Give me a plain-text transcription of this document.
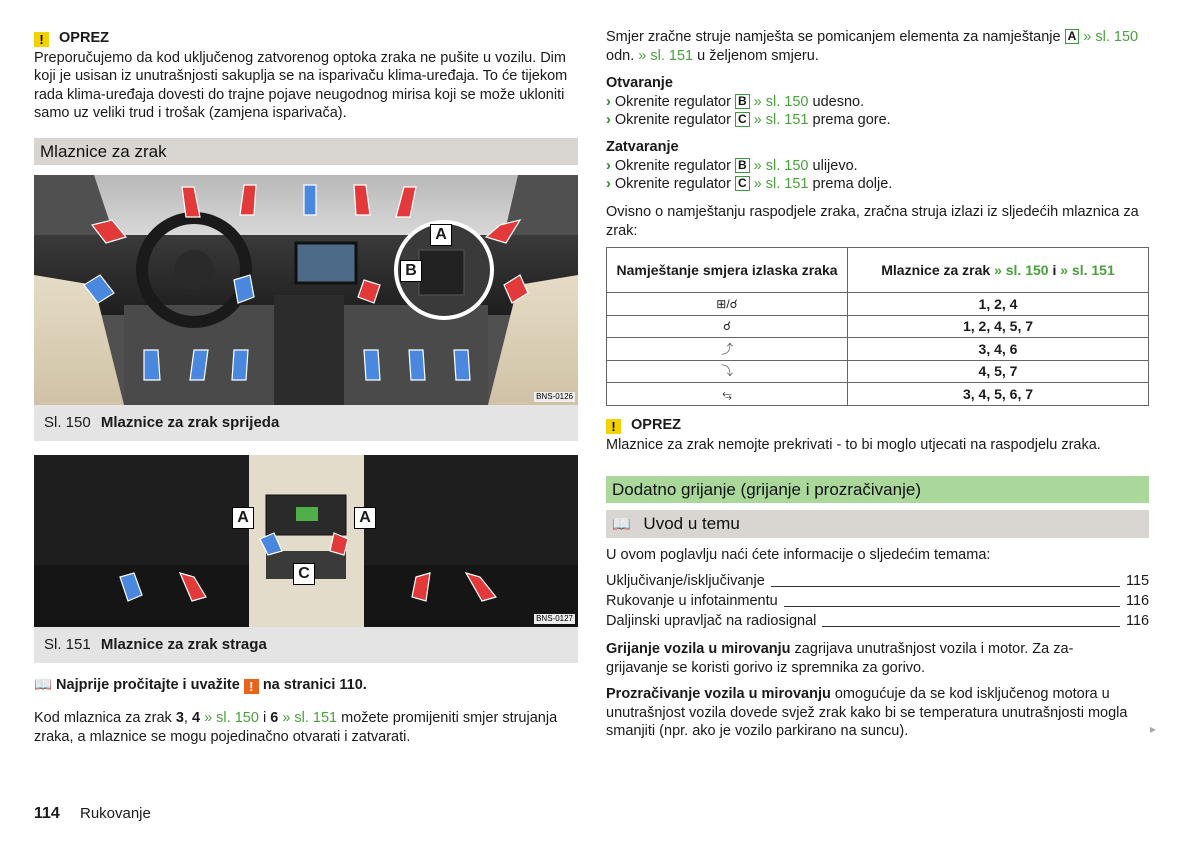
! OPREZ
Preporučujemo da kod uključenog zatvorenog optoka zraka ne pušite u vozilu. Dim koji je usisan iz unutrašnjosti sakuplja se na isparivaču klima-uređaja. To će tijekom rada klima-uređaja dovesti do trajne pojave neugodnog mirisa koji se može ukloniti samo uz veliki trud i trošak (zamjena isparivača).
Mlaznice za zrak
A
B
BNS-0126
Sl. 150 Mlaznice za zrak sprijeda
A	A
C
BNS-0127
Sl. 151 Mlaznice za zrak straga
📖 Najprije pročitajte i uvažite ! na stranici 110.
Kod mlaznica za zrak 3, 4 » sl. 150 i 6 » sl. 151 možete promijeniti smjer strujanja zraka, a mlaznice se mogu pojedinačno otvarati i zatvarati.
114 Rukovanje
Smjer zračne struje namješta se pomicanjem elementa za namještanje A » sl. 150 odn. » sl. 151 u željenom smjeru.
Otvaranje
› Okrenite regulator B » sl. 150 udesno.
› Okrenite regulator C » sl. 151 prema gore.
Zatvaranje
› Okrenite regulator B » sl. 150 ulijevo.
› Okrenite regulator C » sl. 151 prema dolje.
Ovisno o namještanju raspodjele zraka, zračna struja izlazi iz sljedećih mlaznica za zrak:
Namještanje smjera izlaska zraka	Mlaznice za zrak » sl. 150 i » sl. 151
⊞/☌	1, 2, 4
☌	1, 2, 4, 5, 7
⤴	3, 4, 6
⤵	4, 5, 7
⥃	3, 4, 5, 6, 7
! OPREZ
Mlaznice za zrak nemojte prekrivati - to bi moglo utjecati na raspodjelu zraka.
Dodatno grijanje (grijanje i prozračivanje)
📖 Uvod u temu
U ovom poglavlju naći ćete informacije o sljedećim temama:
Uključivanje/isključivanje	115
Rukovanje u infotainmentu	116
Daljinski upravljač na radiosignal	116
Grijanje vozila u mirovanju zagrijava unutrašnjost vozila i motor. Za za-grijavanje se koristi gorivo iz spremnika za gorivo.
Prozračivanje vozila u mirovanju omogućuje da se kod isključenog motora u unutrašnjost vozila dovede svjež zrak kako bi se temperatura unutrašnjosti mogla smanjiti (npr. ako je vozilo parkirano na suncu).	▸
